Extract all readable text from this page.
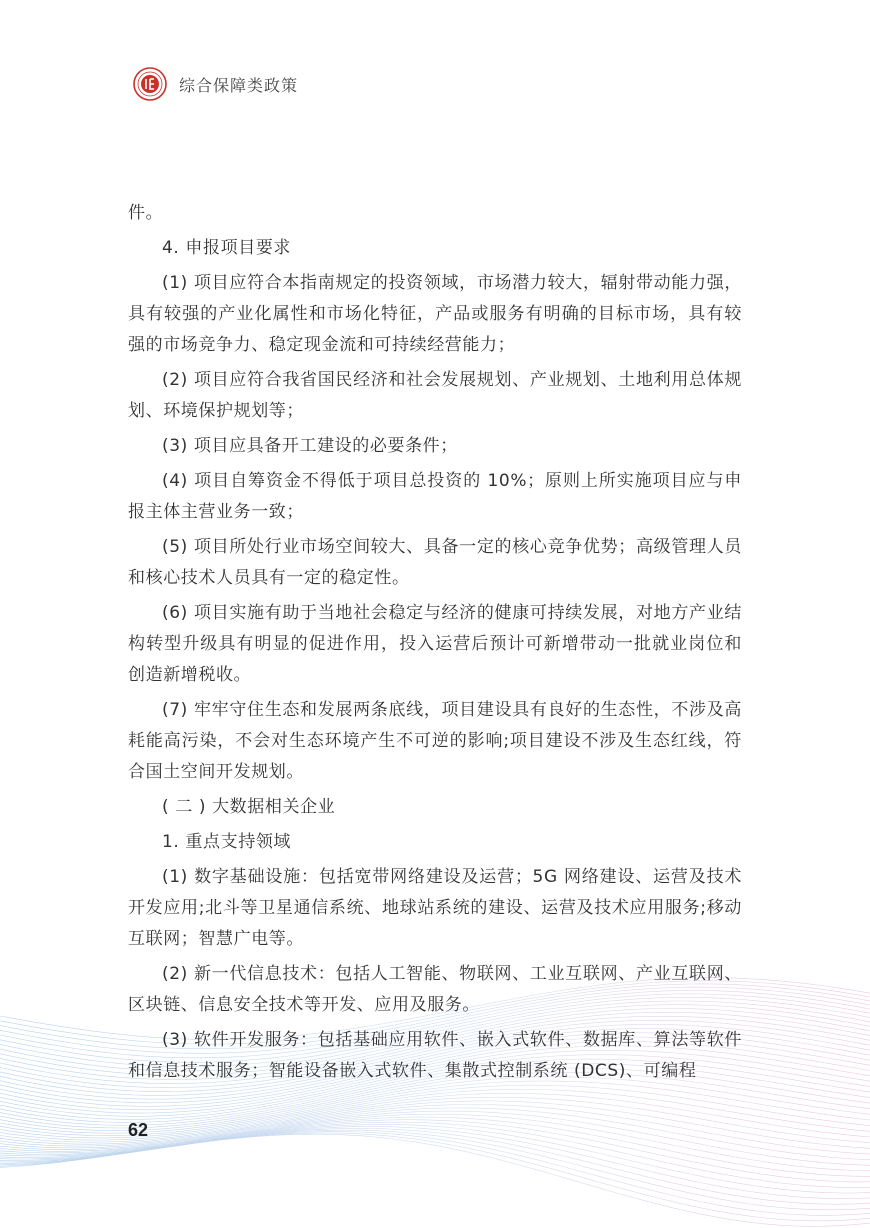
综合保障类政策

件。

4. 申报项目要求

(1) 项目应符合本指南规定的投资领域，市场潜力较大，辐射带动能力强，具有较强的产业化属性和市场化特征，产品或服务有明确的目标市场，具有较强的市场竞争力、稳定现金流和可持续经营能力；

(2) 项目应符合我省国民经济和社会发展规划、产业规划、土地利用总体规划、环境保护规划等；

(3) 项目应具备开工建设的必要条件；

(4) 项目自筹资金不得低于项目总投资的 10%；原则上所实施项目应与申报主体主营业务一致；

(5) 项目所处行业市场空间较大、具备一定的核心竞争优势；高级管理人员和核心技术人员具有一定的稳定性。

(6) 项目实施有助于当地社会稳定与经济的健康可持续发展，对地方产业结构转型升级具有明显的促进作用，投入运营后预计可新增带动一批就业岗位和创造新增税收。

(7) 牢牢守住生态和发展两条底线，项目建设具有良好的生态性，不涉及高耗能高污染，不会对生态环境产生不可逆的影响;项目建设不涉及生态红线，符合国土空间开发规划。

( 二 ) 大数据相关企业

1. 重点支持领域

(1) 数字基础设施：包括宽带网络建设及运营；5G 网络建设、运营及技术开发应用;北斗等卫星通信系统、地球站系统的建设、运营及技术应用服务;移动互联网；智慧广电等。

(2) 新一代信息技术：包括人工智能、物联网、工业互联网、产业互联网、区块链、信息安全技术等开发、应用及服务。

(3) 软件开发服务：包括基础应用软件、嵌入式软件、数据库、算法等软件和信息技术服务；智能设备嵌入式软件、集散式控制系统 (DCS)、可编程

62
